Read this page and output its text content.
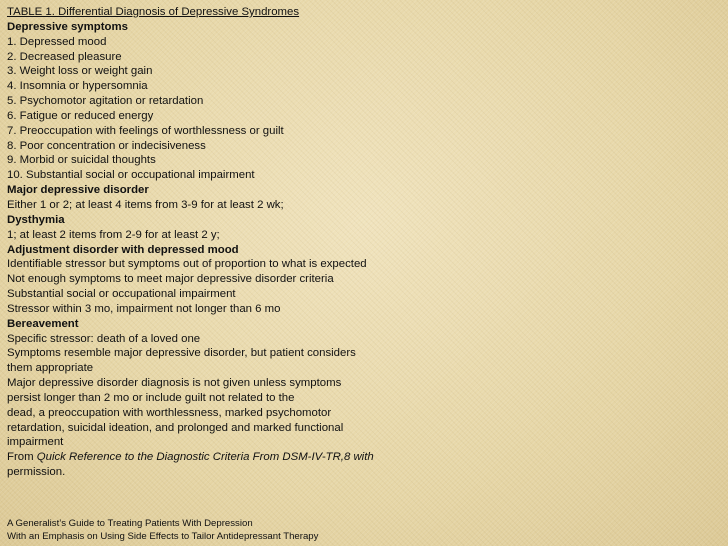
TABLE 1. Differential Diagnosis of Depressive Syndromes
Depressive symptoms
1. Depressed mood
2. Decreased pleasure
3. Weight loss or weight gain
4. Insomnia or hypersomnia
5. Psychomotor agitation or retardation
6. Fatigue or reduced energy
7. Preoccupation with feelings of worthlessness or guilt
8. Poor concentration or indecisiveness
9. Morbid or suicidal thoughts
10. Substantial social or occupational impairment
Major depressive disorder
Either 1 or 2; at least 4 items from 3-9 for at least 2 wk;
Dysthymia
1; at least 2 items from 2-9 for at least 2 y;
Adjustment disorder with depressed mood
Identifiable stressor but symptoms out of proportion to what is expected
Not enough symptoms to meet major depressive disorder criteria
Substantial social or occupational impairment
Stressor within 3 mo, impairment not longer than 6 mo
Bereavement
Specific stressor: death of a loved one
Symptoms resemble major depressive disorder, but patient considers
them appropriate
Major depressive disorder diagnosis is not given unless symptoms
persist longer than 2 mo or include guilt not related to the
dead, a preoccupation with worthlessness, marked psychomotor
retardation, suicidal ideation, and prolonged and marked functional
impairment
From Quick Reference to the Diagnostic Criteria From DSM-IV-TR,8 with
permission.
A Generalist’s Guide to Treating Patients With Depression
With an Emphasis on Using Side Effects to Tailor Antidepressant Therapy
